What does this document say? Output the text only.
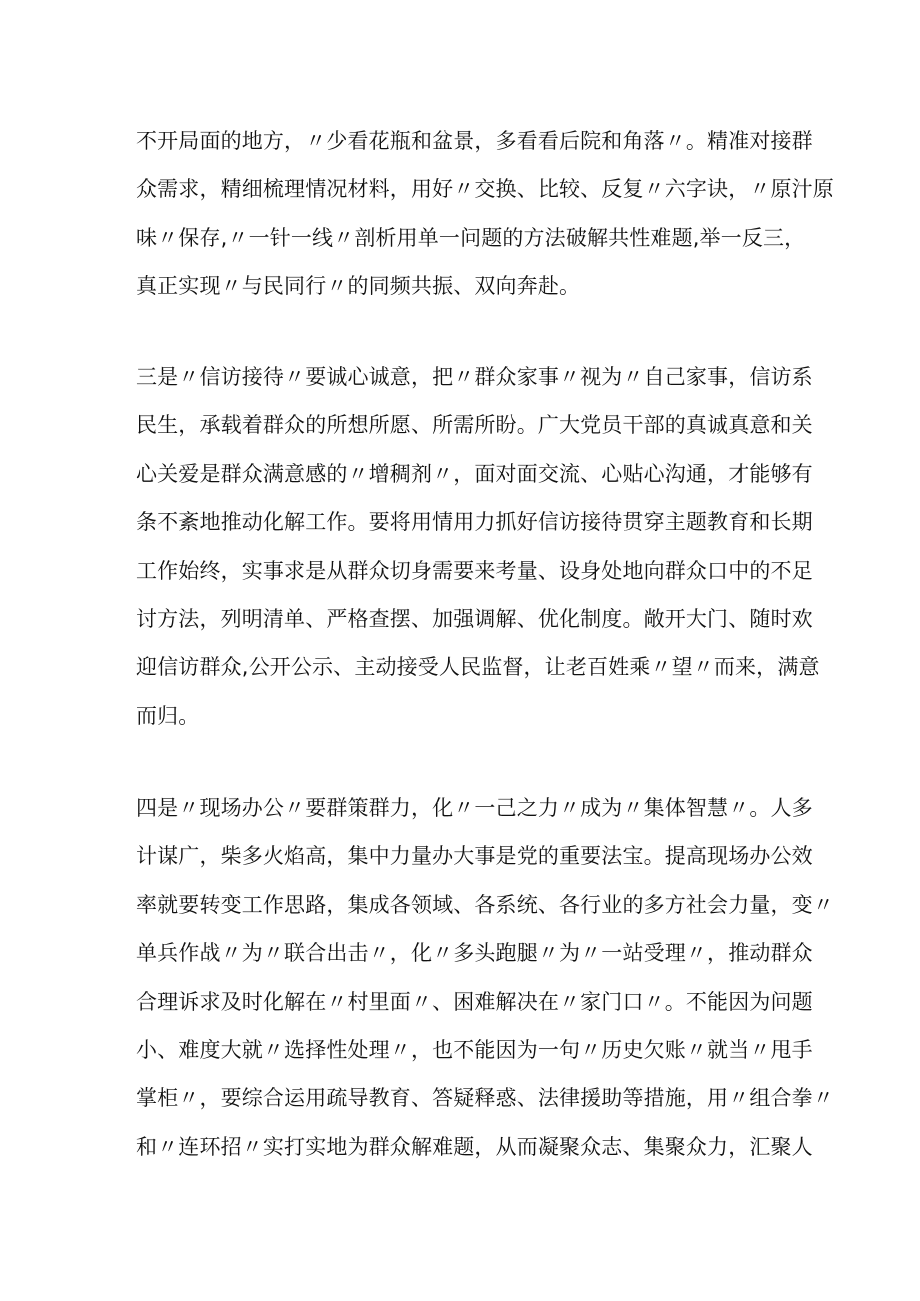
不开局面的地方，〃少看花瓶和盆景，多看看后院和角落〃。精准对接群
众需求，精细梳理情况材料，用好〃交换、比较、反复〃六字诀，〃原汁原
味〃保存,〃一针一线〃剖析用单一问题的方法破解共性难题,举一反三，
真正实现〃与民同行〃的同频共振、双向奔赴。
三是〃信访接待〃要诚心诚意，把〃群众家事〃视为〃自己家事，信访系
民生，承载着群众的所想所愿、所需所盼。广大党员干部的真诚真意和关
心关爱是群众满意感的〃增稠剂〃，面对面交流、心贴心沟通，才能够有
条不紊地推动化解工作。要将用情用力抓好信访接待贯穿主题教育和长期
工作始终，实事求是从群众切身需要来考量、设身处地向群众口中的不足
讨方法，列明清单、严格查摆、加强调解、优化制度。敞开大门、随时欢
迎信访群众,公开公示、主动接受人民监督，让老百姓乘〃望〃而来，满意
而归。
四是〃现场办公〃要群策群力，化〃一己之力〃成为〃集体智慧〃。人多
计谋广，柴多火焰高，集中力量办大事是党的重要法宝。提高现场办公效
率就要转变工作思路，集成各领域、各系统、各行业的多方社会力量，变〃
单兵作战〃为〃联合出击〃，化〃多头跑腿〃为〃一站受理〃，推动群众
合理诉求及时化解在〃村里面〃、困难解决在〃家门口〃。不能因为问题
小、难度大就〃选择性处理〃，也不能因为一句〃历史欠账〃就当〃甩手
掌柜〃，要综合运用疏导教育、答疑释惑、法律援助等措施，用〃组合拳〃
和〃连环招〃实打实地为群众解难题，从而凝聚众志、集聚众力，汇聚人
